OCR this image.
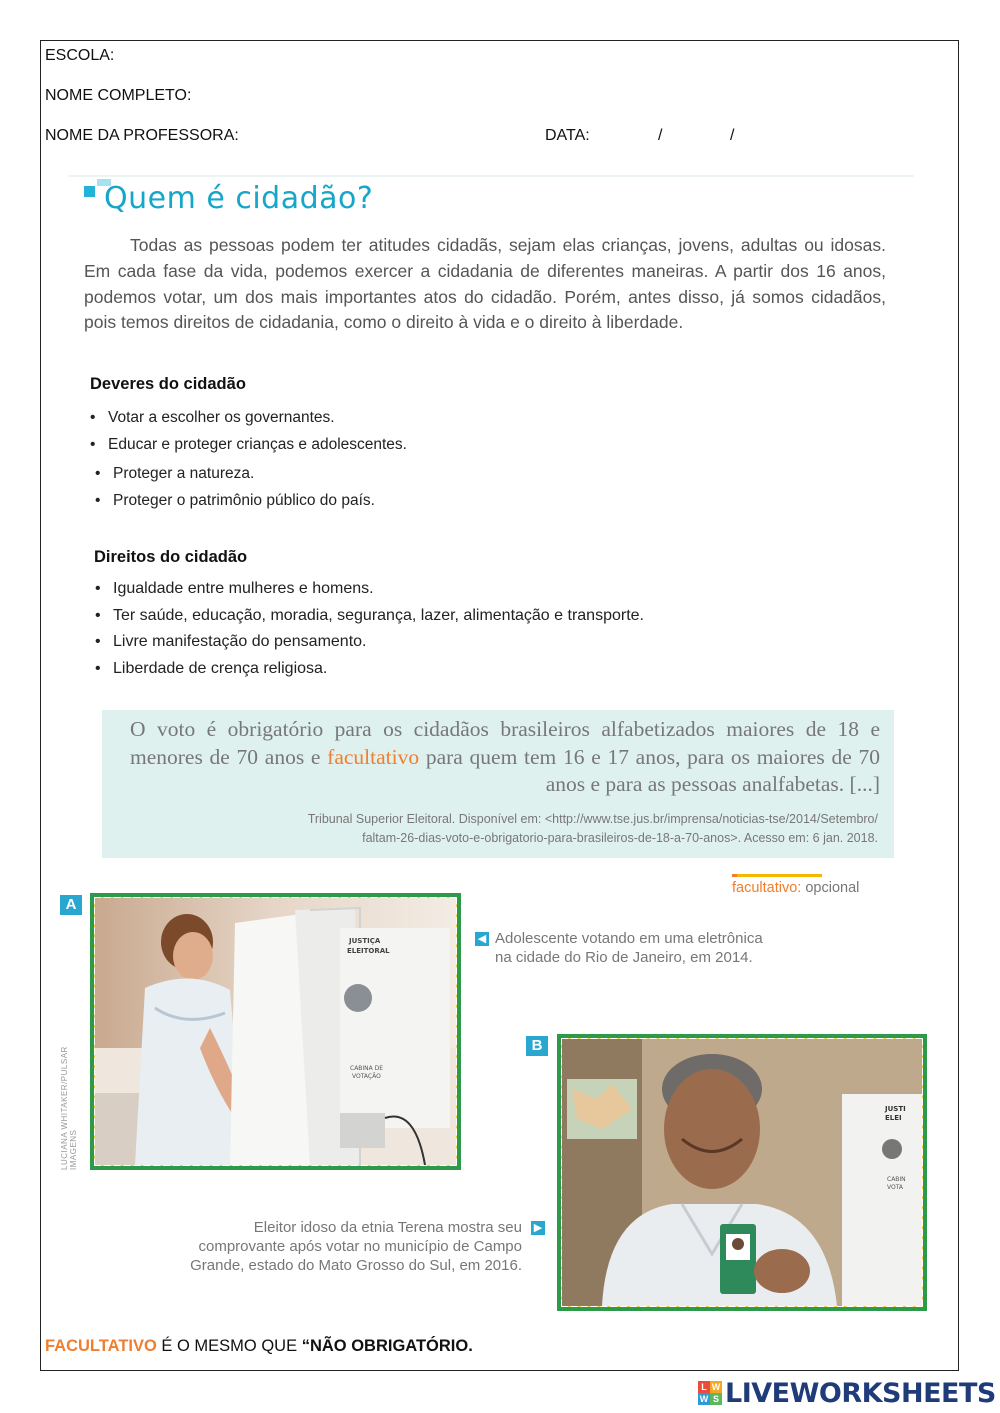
ESCOLA:
NOME COMPLETO:
NOME DA PROFESSORA:	DATA:	/	/
Quem é cidadão?

Todas as pessoas podem ter atitudes cidadãs, sejam elas crianças, jovens, adultas ou idosas. Em cada fase da vida, podemos exercer a cidadania de diferentes maneiras. A partir dos 16 anos, podemos votar, um dos mais importantes atos do cidadão. Porém, antes disso, já somos cidadãos, pois temos direitos de cidadania, como o direito à vida e o direito à liberdade.

Deveres do cidadão
• Votar a escolher os governantes.
• Educar e proteger crianças e adolescentes.
• Proteger a natureza.
• Proteger o patrimônio público do país.
Direitos do cidadão
• Igualdade entre mulheres e homens.
• Ter saúde, educação, moradia, segurança, lazer, alimentação e transporte.
• Livre manifestação do pensamento.
• Liberdade de crença religiosa.
O voto é obrigatório para os cidadãos brasileiros alfabetizados maiores de 18 e menores de 70 anos e facultativo para quem tem 16 e 17 anos, para os maiores de 70 anos e para as pessoas analfabetas. [...]
Tribunal Superior Eleitoral. Disponível em: <http://www.tse.jus.br/imprensa/noticias-tse/2014/Setembro/
faltam-26-dias-voto-e-obrigatorio-para-brasileiros-de-18-a-70-anos>. Acesso em: 6 jan. 2018.
facultativo: opcional
A
JUSTIÇA
ELEITORAL
CABINA DE
VOTAÇÃO
LUCIANA WHITAKER/PULSAR IMAGENS
◀ Adolescente votando em uma eletrônica
na cidade do Rio de Janeiro, em 2014.
B
JUSTI
ELEI
CABIN
VOTA
▶
Eleitor idoso da etnia Terena mostra seu
comprovante após votar no município de Campo
Grande, estado do Mato Grosso do Sul, em 2016.
FACULTATIVO É O MESMO QUE “NÃO OBRIGATÓRIO.
L W
W S LIVEWORKSHEETS
